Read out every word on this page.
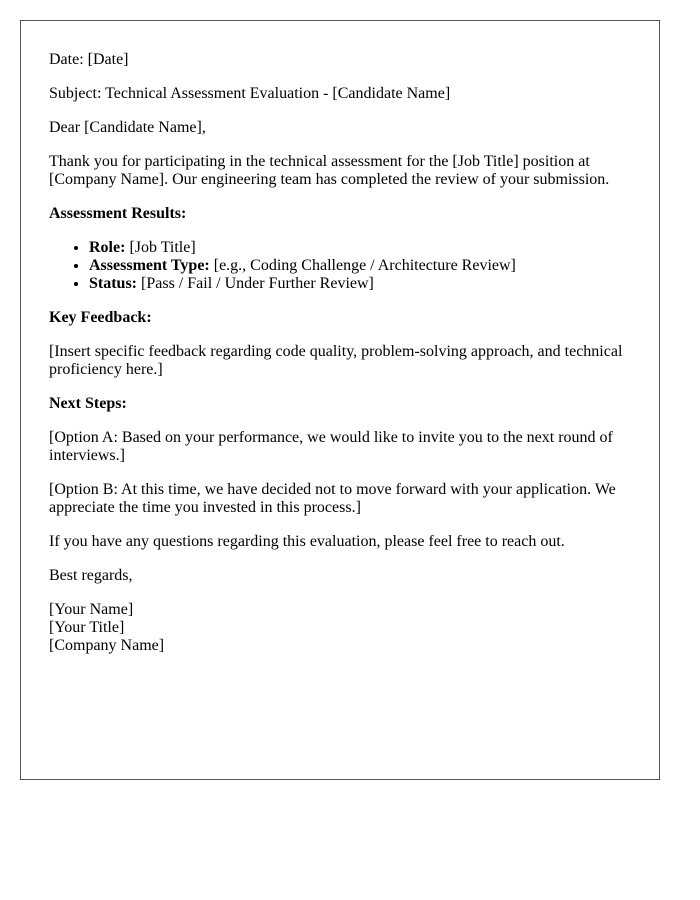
Date: [Date]

Subject: Technical Assessment Evaluation - [Candidate Name]

Dear [Candidate Name],

Thank you for participating in the technical assessment for the [Job Title] position at [Company Name]. Our engineering team has completed the review of your submission.

Assessment Results:

• Role: [Job Title]
• Assessment Type: [e.g., Coding Challenge / Architecture Review]
• Status: [Pass / Fail / Under Further Review]

Key Feedback:

[Insert specific feedback regarding code quality, problem-solving approach, and technical proficiency here.]

Next Steps:

[Option A: Based on your performance, we would like to invite you to the next round of interviews.]

[Option B: At this time, we have decided not to move forward with your application. We appreciate the time you invested in this process.]

If you have any questions regarding this evaluation, please feel free to reach out.

Best regards,

[Your Name]
[Your Title]
[Company Name]
